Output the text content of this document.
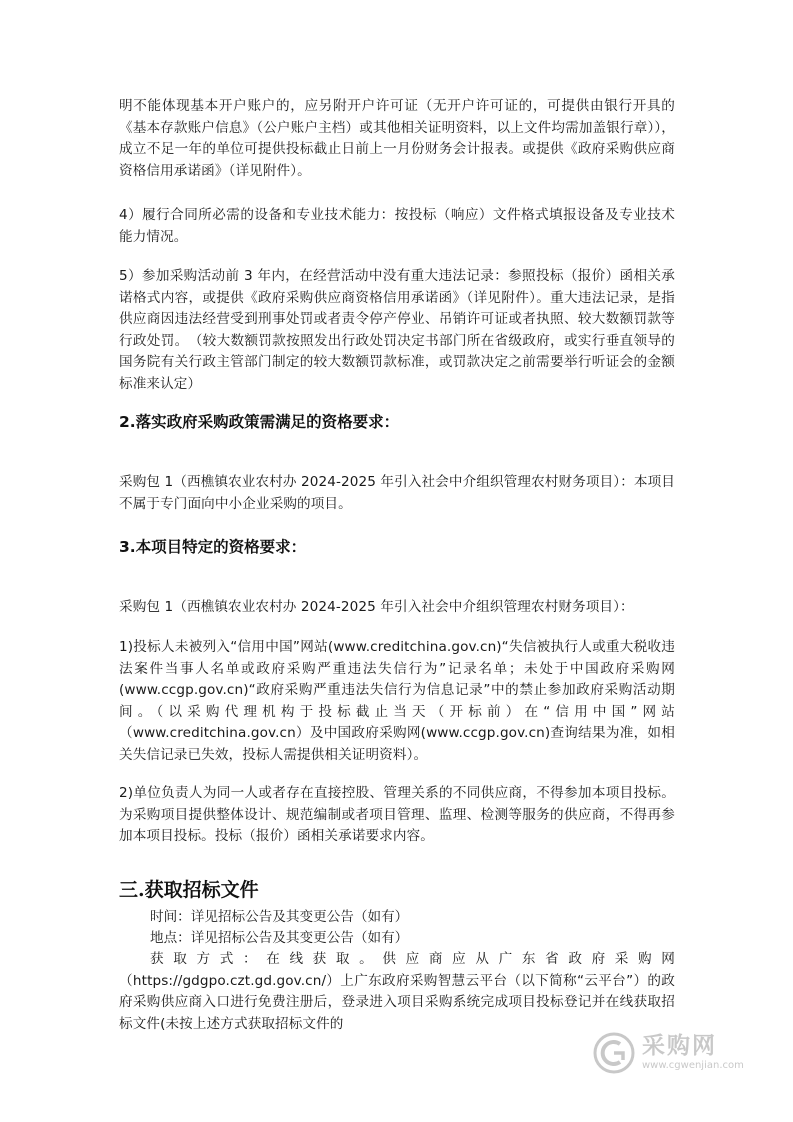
明不能体现基本开户账户的，应另附开户许可证（无开户许可证的，可提供由银行开具的《基本存款账户信息》（公户账户主档）或其他相关证明资料，以上文件均需加盖银行章）），成立不足一年的单位可提供投标截止日前上一月份财务会计报表。或提供《政府采购供应商资格信用承诺函》（详见附件）。

4）履行合同所必需的设备和专业技术能力：按投标（响应）文件格式填报设备及专业技术能力情况。

5）参加采购活动前 3 年内，在经营活动中没有重大违法记录：参照投标（报价）函相关承诺格式内容，或提供《政府采购供应商资格信用承诺函》（详见附件）。重大违法记录，是指供应商因违法经营受到刑事处罚或者责令停产停业、吊销许可证或者执照、较大数额罚款等行政处罚。　（较大数额罚款按照发出行政处罚决定书部门所在省级政府，或实行垂直领导的国务院有关行政主管部门制定的较大数额罚款标准，或罚款决定之前需要举行听证会的金额标准来认定）

2.落实政府采购政策需满足的资格要求：

采购包 1（西樵镇农业农村办 2024-2025 年引入社会中介组织管理农村财务项目）：本项目不属于专门面向中小企业采购的项目。

3.本项目特定的资格要求：

采购包 1（西樵镇农业农村办 2024-2025 年引入社会中介组织管理农村财务项目）：

1)投标人未被列入“信用中国”网站(www.creditchina.gov.cn)“失信被执行人或重大税收违法案件当事人名单或政府采购严重违法失信行为”记录名单；未处于中国政府采购网(www.ccgp.gov.cn)“政府采购严重违法失信行为信息记录”中的禁止参加政府采购活动期间。（以采购代理机构于投标截止当天（开标前）在“信用中国”网站（www.creditchina.gov.cn）及中国政府采购网(www.ccgp.gov.cn)查询结果为准，如相关失信记录已失效，投标人需提供相关证明资料）。

2)单位负责人为同一人或者存在直接控股、管理关系的不同供应商，不得参加本项目投标。为采购项目提供整体设计、规范编制或者项目管理、监理、检测等服务的供应商，不得再参加本项目投标。投标（报价）函相关承诺要求内容。

三.获取招标文件

时间：详见招标公告及其变更公告（如有）

地点：详见招标公告及其变更公告（如有）

获取方式：在线获取。供应商应从广东省政府采购网（https://gdgpo.czt.gd.gov.cn/）上广东政府采购智慧云平台（以下简称“云平台”）的政府采购供应商入口进行免费注册后，登录进入项目采购系统完成项目投标登记并在线获取招标文件(未按上述方式获取招标文件的

采购网
www.cgwenjian.com
